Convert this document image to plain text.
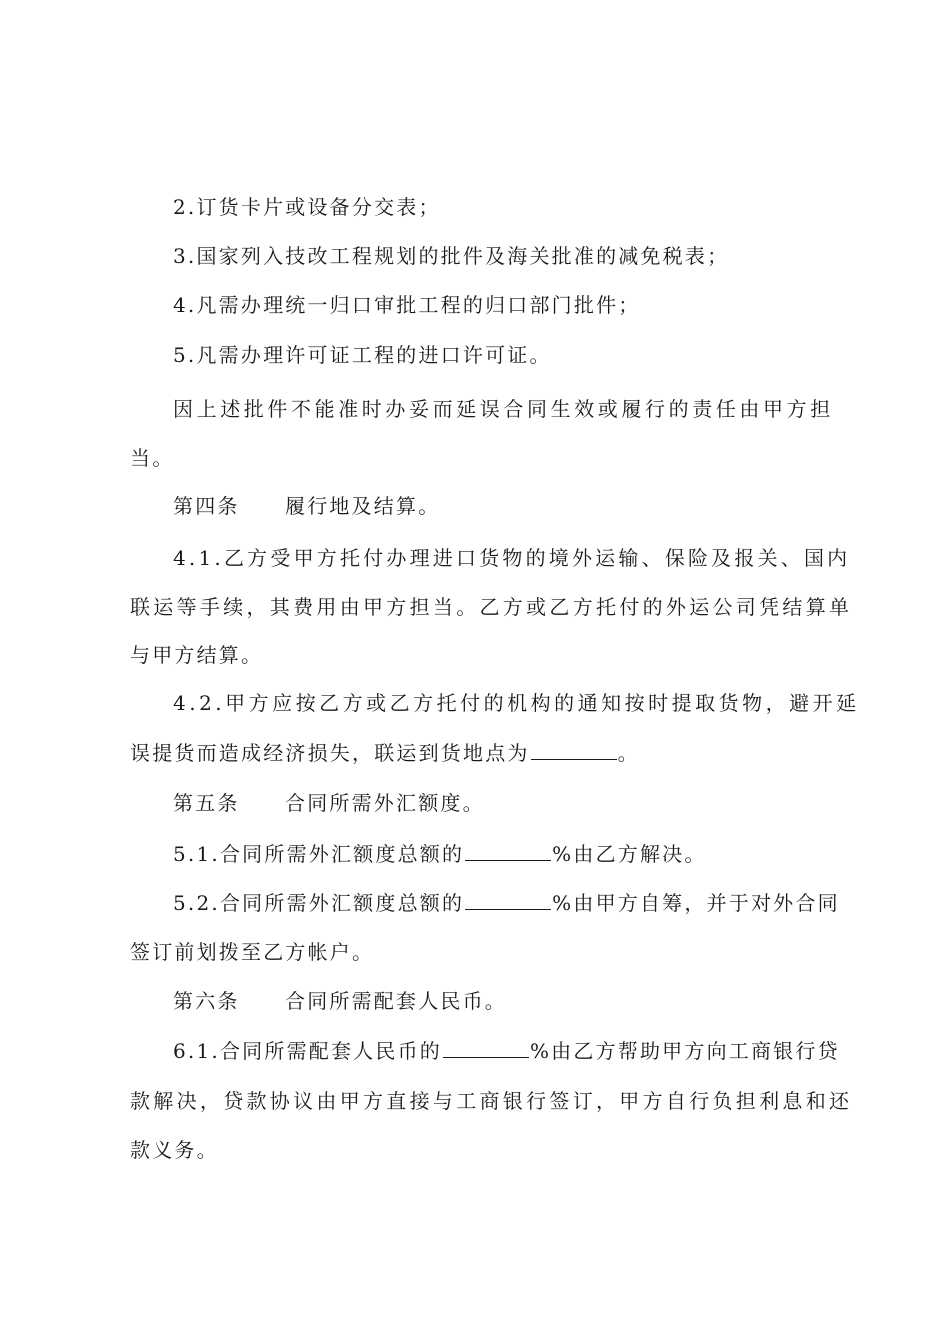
2.订货卡片或设备分交表；
3.国家列入技改工程规划的批件及海关批准的减免税表；
4.凡需办理统一归口审批工程的归口部门批件；
5.凡需办理许可证工程的进口许可证。
因上述批件不能准时办妥而延误合同生效或履行的责任由甲方担
当。
第四条 履行地及结算。
4.1.乙方受甲方托付办理进口货物的境外运输、保险及报关、国内
联运等手续，其费用由甲方担当。乙方或乙方托付的外运公司凭结算单
与甲方结算。
4.2.甲方应按乙方或乙方托付的机构的通知按时提取货物，避开延
误提货而造成经济损失，联运到货地点为	。
第五条 合同所需外汇额度。
5.1.合同所需外汇额度总额的	%由乙方解决。
5.2.合同所需外汇额度总额的	%由甲方自筹，并于对外合同
签订前划拨至乙方帐户。
第六条 合同所需配套人民币。
6.1.合同所需配套人民币的	%由乙方帮助甲方向工商银行贷
款解决，贷款协议由甲方直接与工商银行签订，甲方自行负担利息和还
款义务。
